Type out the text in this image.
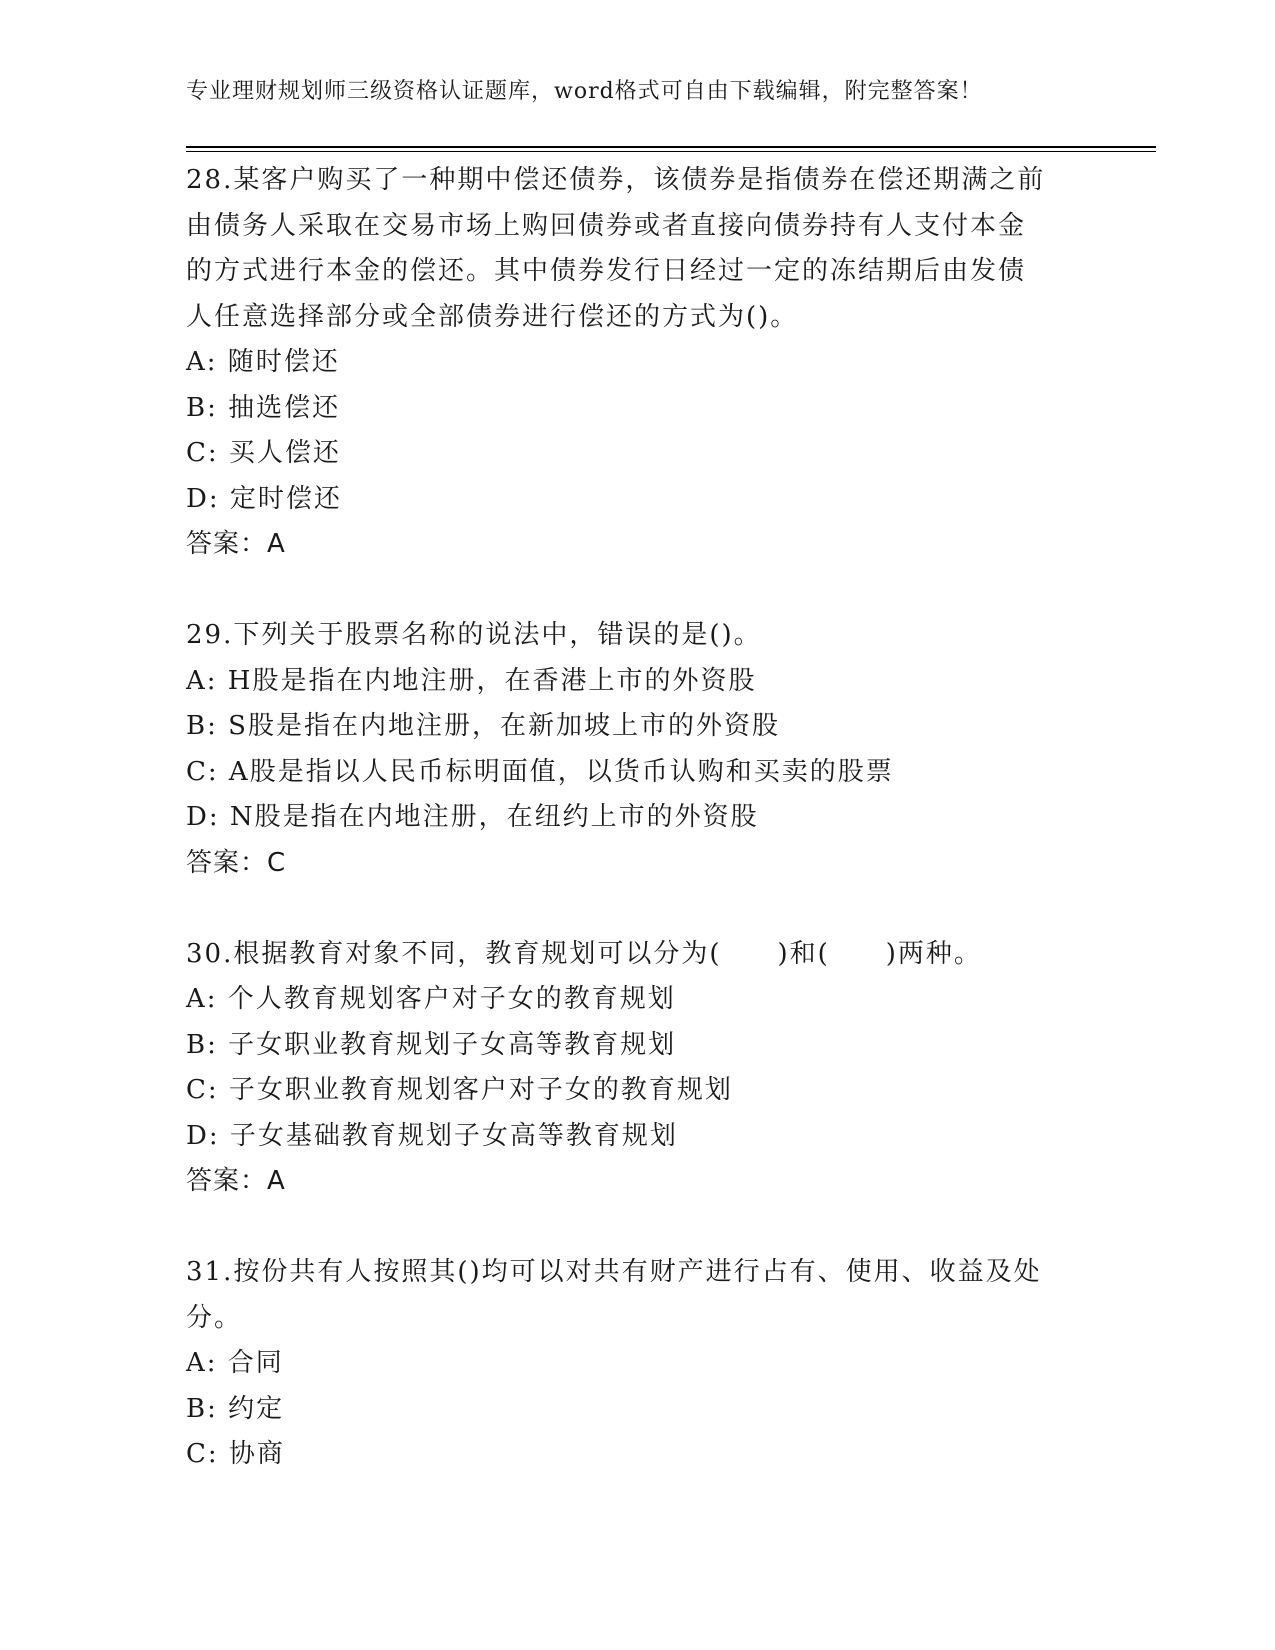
专业理财规划师三级资格认证题库，word格式可自由下载编辑，附完整答案！

28.某客户购买了一种期中偿还债券，该债券是指债券在偿还期满之前

由债务人采取在交易市场上购回债券或者直接向债券持有人支付本金

的方式进行本金的偿还。其中债券发行日经过一定的冻结期后由发债

人任意选择部分或全部债券进行偿还的方式为()。

A: 随时偿还

B: 抽选偿还

C: 买人偿还

D: 定时偿还

答案：A

29.下列关于股票名称的说法中，错误的是()。

A: H股是指在内地注册，在香港上市的外资股

B: S股是指在内地注册，在新加坡上市的外资股

C: A股是指以人民币标明面值，以货币认购和买卖的股票

D: N股是指在内地注册，在纽约上市的外资股

答案：C

30.根据教育对象不同，教育规划可以分为(　　)和(　　)两种。

A: 个人教育规划客户对子女的教育规划

B: 子女职业教育规划子女高等教育规划

C: 子女职业教育规划客户对子女的教育规划

D: 子女基础教育规划子女高等教育规划

答案：A

31.按份共有人按照其()均可以对共有财产进行占有、使用、收益及处

分。

A: 合同

B: 约定

C: 协商
